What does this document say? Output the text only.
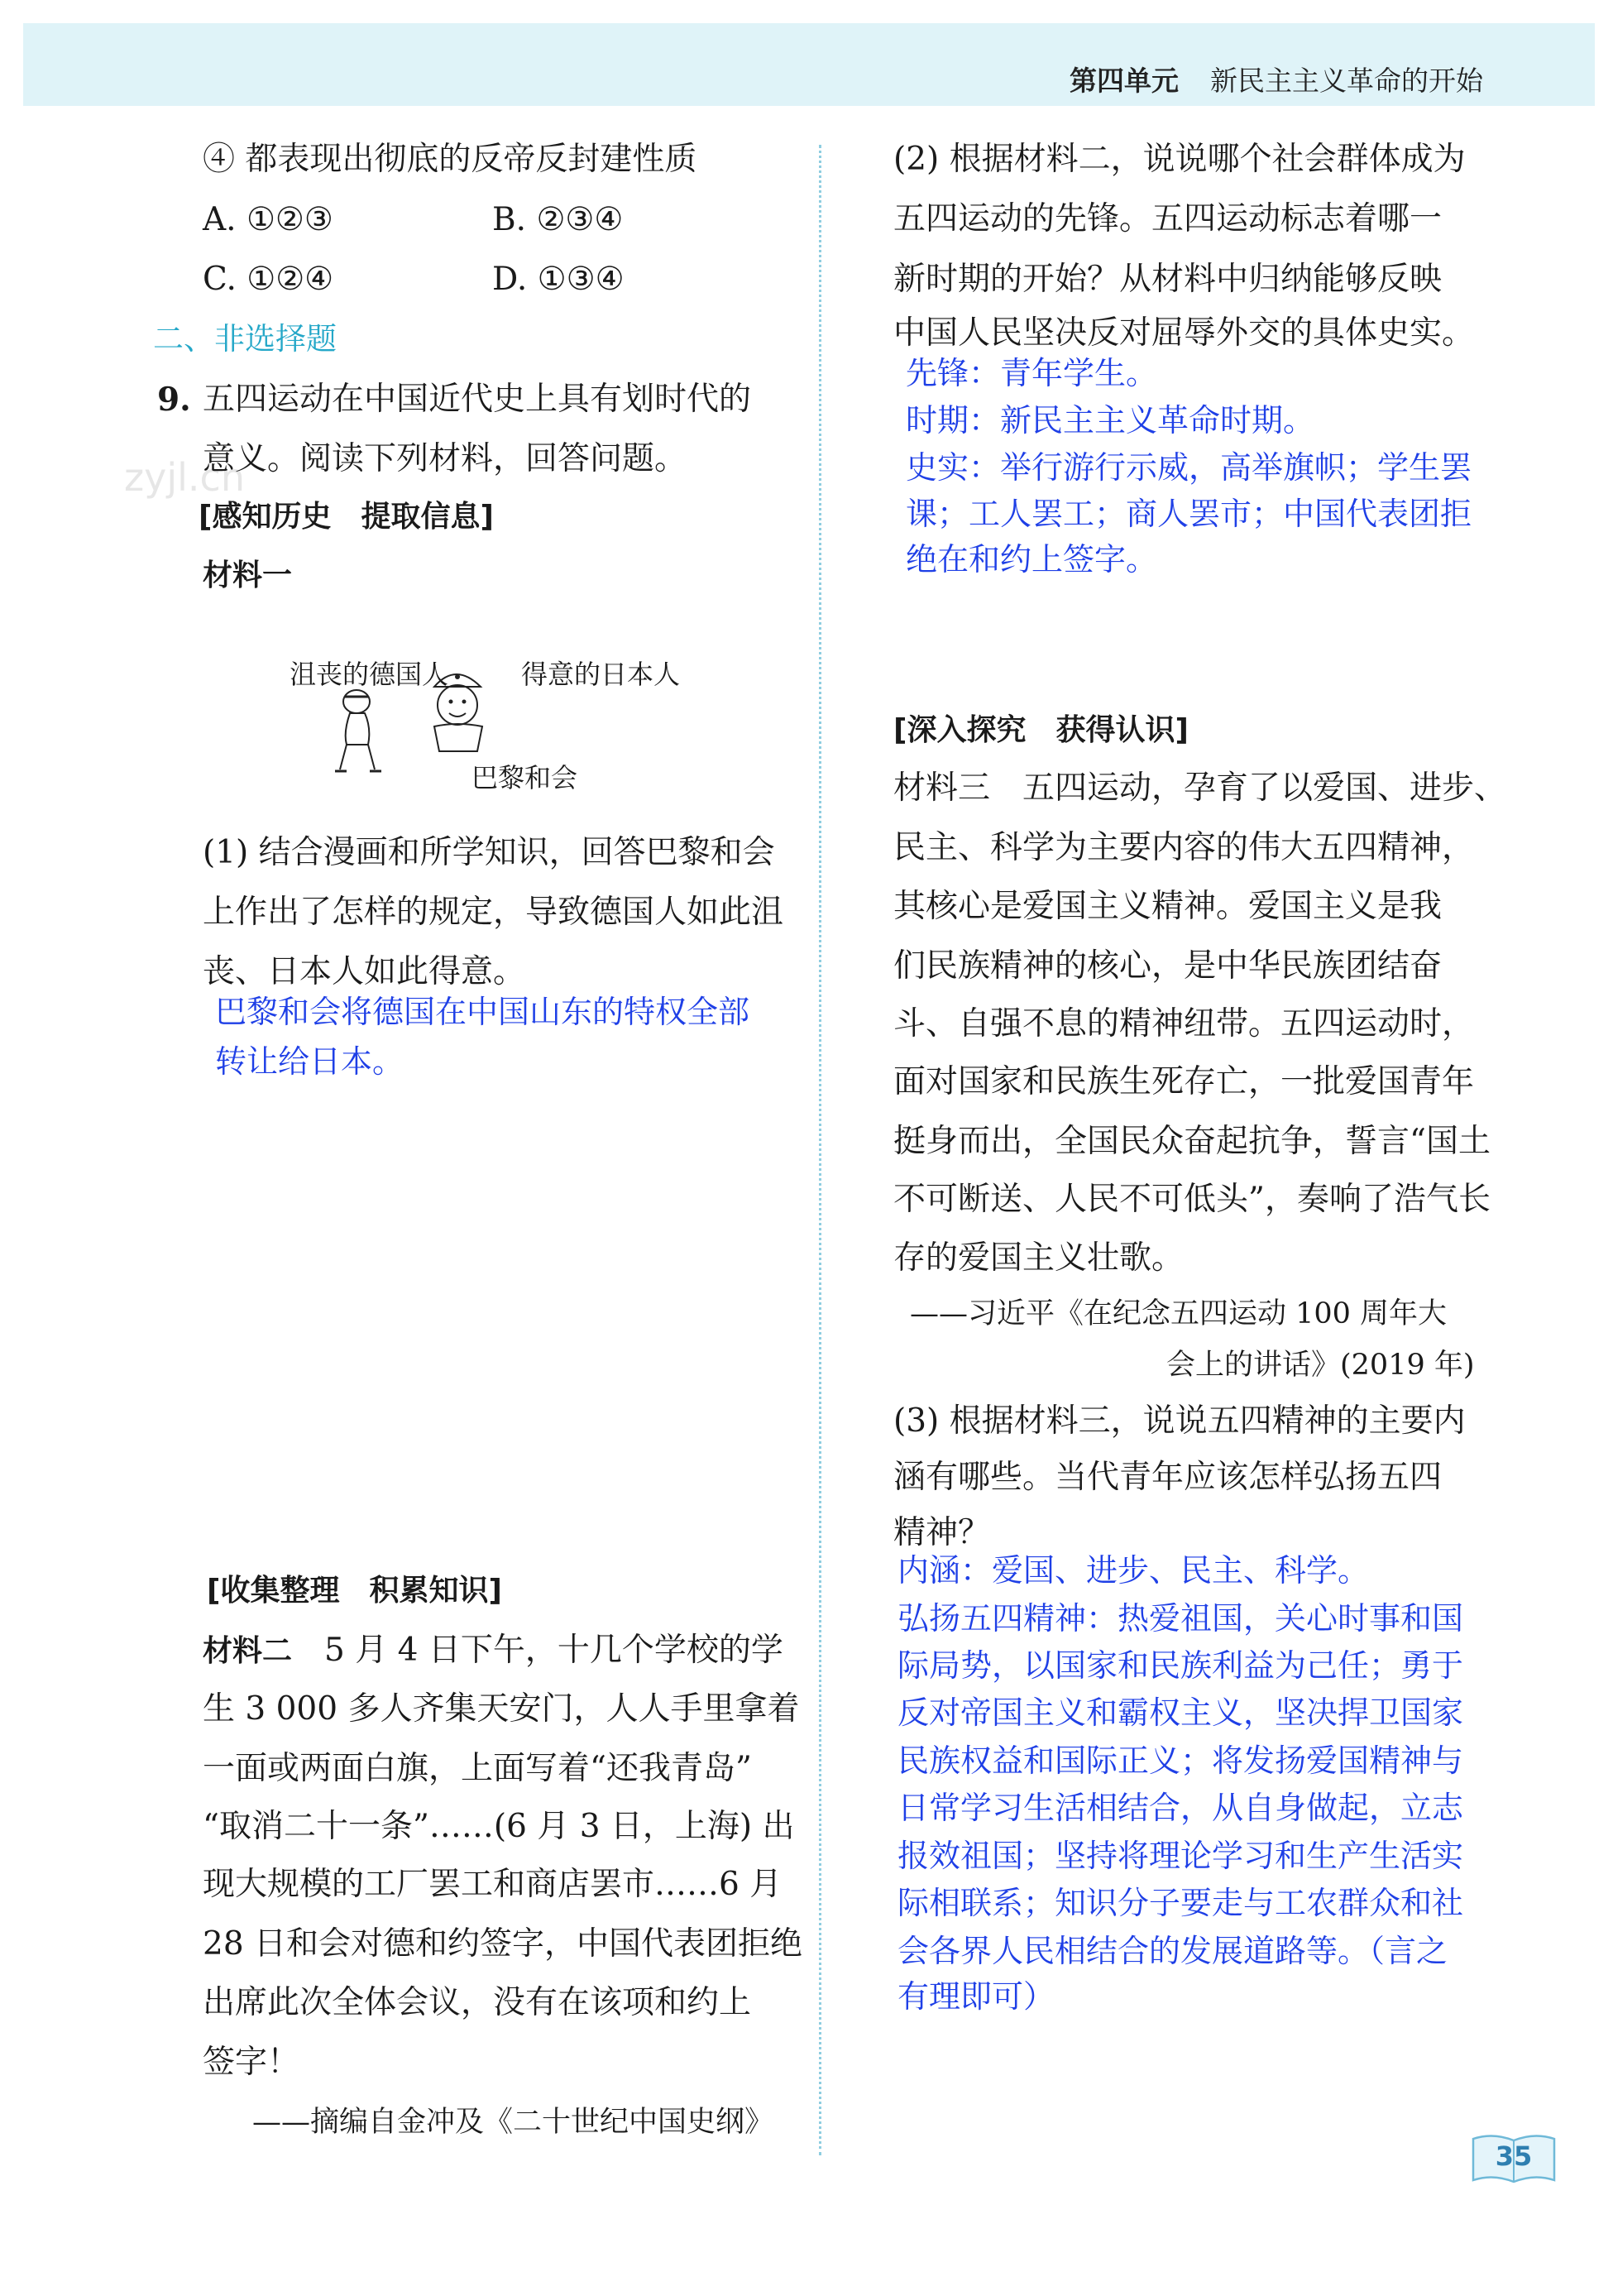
第四单元 新民主主义革命的开始
zyjl.cn
④ 都表现出彻底的反帝反封建性质
A. ①②③	B. ②③④
C. ①②④	D. ①③④
二、非选择题
9. 五四运动在中国近代史上具有划时代的
意义。阅读下列材料，回答问题。
[感知历史　提取信息]
材料一
沮丧的德国人	得意的日本人
巴黎和会
(1) 结合漫画和所学知识，回答巴黎和会
上作出了怎样的规定，导致德国人如此沮
丧、日本人如此得意。
巴黎和会将德国在中国山东的特权全部
转让给日本。
[收集整理　积累知识]
材料二　5 月 4 日下午，十几个学校的学
生 3 000 多人齐集天安门，人人手里拿着
一面或两面白旗，上面写着“还我青岛”
“取消二十一条”……(6 月 3 日，上海) 出
现大规模的工厂罢工和商店罢市……6 月
28 日和会对德和约签字，中国代表团拒绝
出席此次全体会议，没有在该项和约上
签字！
——摘编自金冲及《二十世纪中国史纲》
(2) 根据材料二，说说哪个社会群体成为
五四运动的先锋。五四运动标志着哪一
新时期的开始？从材料中归纳能够反映
中国人民坚决反对屈辱外交的具体史实。
先锋：青年学生。
时期：新民主主义革命时期。
史实：举行游行示威，高举旗帜；学生罢
课；工人罢工；商人罢市；中国代表团拒
绝在和约上签字。
[深入探究　获得认识]
材料三　五四运动，孕育了以爱国、进步、
民主、科学为主要内容的伟大五四精神，
其核心是爱国主义精神。爱国主义是我
们民族精神的核心，是中华民族团结奋
斗、自强不息的精神纽带。五四运动时，
面对国家和民族生死存亡，一批爱国青年
挺身而出，全国民众奋起抗争，誓言“国土
不可断送、人民不可低头”，奏响了浩气长
存的爱国主义壮歌。
——习近平《在纪念五四运动 100 周年大
会上的讲话》(2019 年)
(3) 根据材料三，说说五四精神的主要内
涵有哪些。当代青年应该怎样弘扬五四
精神？
内涵：爱国、进步、民主、科学。
弘扬五四精神：热爱祖国，关心时事和国
际局势，以国家和民族利益为己任；勇于
反对帝国主义和霸权主义，坚决捍卫国家
民族权益和国际正义；将发扬爱国精神与
日常学习生活相结合，从自身做起，立志
报效祖国；坚持将理论学习和生产生活实
际相联系；知识分子要走与工农群众和社
会各界人民相结合的发展道路等。（言之
有理即可）
35
